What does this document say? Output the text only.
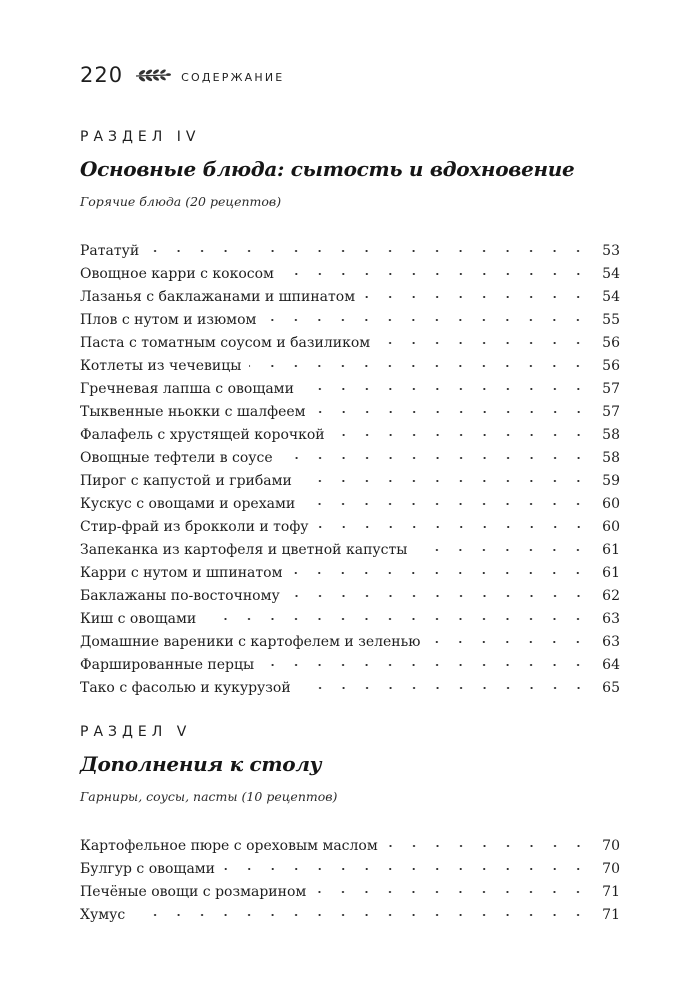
220	СОДЕРЖАНИЕ
РАЗДЕЛ IV
Основные блюда: сытость и вдохновение
Горячие блюда (20 рецептов)
Рататуй	53
Овощное карри с кокосом	54
Лазанья с баклажанами и шпинатом	54
Плов с нутом и изюмом	55
Паста с томатным соусом и базиликом	56
Котлеты из чечевицы	56
Гречневая лапша с овощами	57
Тыквенные ньокки с шалфеем	57
Фалафель с хрустящей корочкой	58
Овощные тефтели в соусе	58
Пирог с капустой и грибами	59
Кускус с овощами и орехами	60
Стир-фрай из брокколи и тофу	60
Запеканка из картофеля и цветной капусты	61
Карри с нутом и шпинатом	61
Баклажаны по-восточному	62
Киш с овощами	63
Домашние вареники с картофелем и зеленью	63
Фаршированные перцы	64
Тако с фасолью и кукурузой	65
РАЗДЕЛ V
Дополнения к столу
Гарниры, соусы, пасты (10 рецептов)
Картофельное пюре с ореховым маслом	70
Булгур с овощами	70
Печёные овощи с розмарином	71
Хумус	71
